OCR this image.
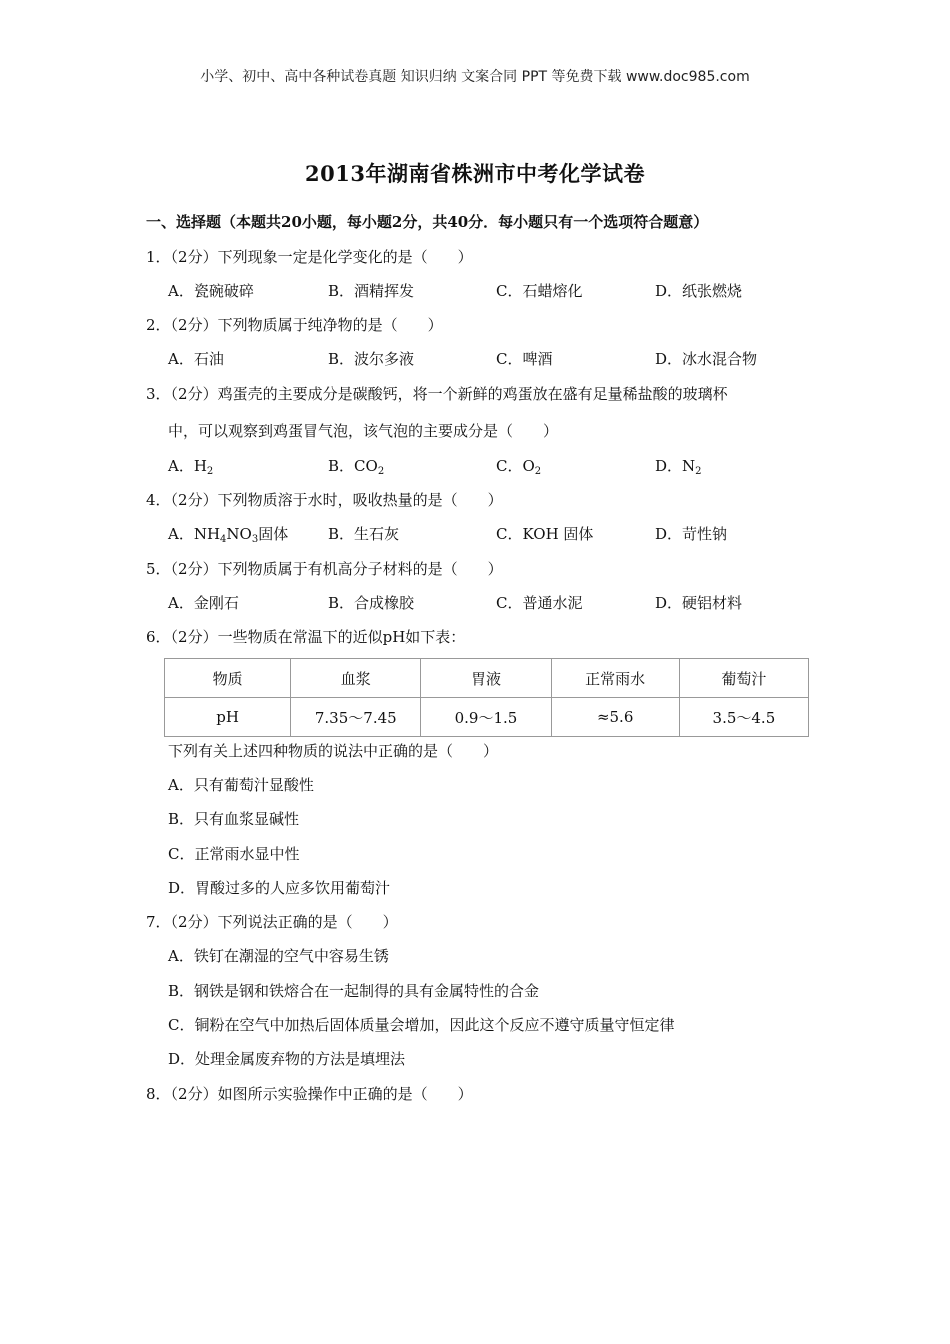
小学、初中、高中各种试卷真题 知识归纳 文案合同 PPT 等免费下载 www.doc985.com
2013年湖南省株洲市中考化学试卷
一、选择题（本题共20小题，每小题2分，共40分．每小题只有一个选项符合题意）
1．（2分）下列现象一定是化学变化的是（　　）
A．瓷碗破碎	B．酒精挥发	C．石蜡熔化	D．纸张燃烧
2．（2分）下列物质属于纯净物的是（　　）
A．石油	B．波尔多液	C．啤酒	D．冰水混合物
3．（2分）鸡蛋壳的主要成分是碳酸钙，将一个新鲜的鸡蛋放在盛有足量稀盐酸的玻璃杯
中，可以观察到鸡蛋冒气泡，该气泡的主要成分是（　　）
A．$H_2$	B．$CO_2$	C．$O_2$	D．$N_2$
4．（2分）下列物质溶于水时，吸收热量的是（　　）
A．$NH_4NO_3$固体	B．生石灰	C．KOH 固体	D．苛性钠
5．（2分）下列物质属于有机高分子材料的是（　　）
A．金刚石	B．合成橡胶	C．普通水泥	D．硬铝材料
6．（2分）一些物质在常温下的近似pH如下表：
物质	血浆	胃液	正常雨水	葡萄汁
pH	7.35～7.45	0.9～1.5	≈5.6	3.5～4.5
下列有关上述四种物质的说法中正确的是（　　）
A．只有葡萄汁显酸性
B．只有血浆显碱性
C．正常雨水显中性
D．胃酸过多的人应多饮用葡萄汁
7．（2分）下列说法正确的是（　　）
A．铁钉在潮湿的空气中容易生锈
B．钢铁是钢和铁熔合在一起制得的具有金属特性的合金
C．铜粉在空气中加热后固体质量会增加，因此这个反应不遵守质量守恒定律
D．处理金属废弃物的方法是填埋法
8．（2分）如图所示实验操作中正确的是（　　）
